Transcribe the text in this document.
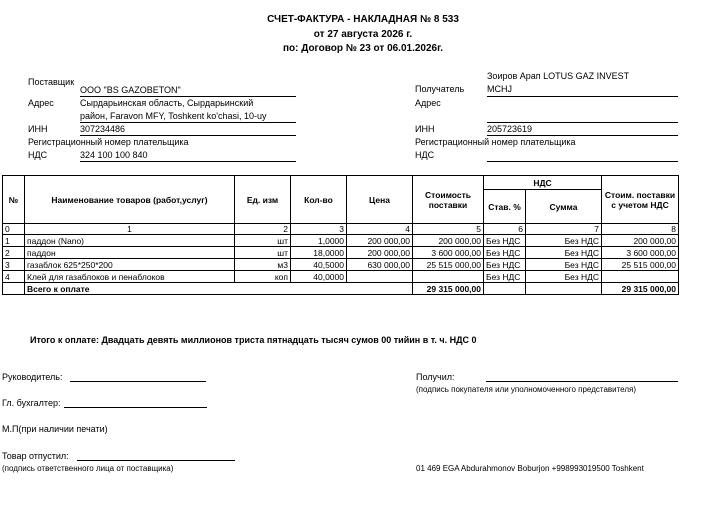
СЧЕТ-ФАКТУРА - НАКЛАДНАЯ № 8 533
от 27 августа 2026 г.
по: Договор № 23 от 06.01.2026г.
Поставщик
ООО "BS GAZOBETON"
Адрес	Сырдарьинская область, Сырдарьинский
район, Faravon MFY, Toshkent ko'chasi, 10-uy
ИНН	307234486
Регистрационный номер плательщика
НДС	324 100 100 840
Зоиров Арап LOTUS GAZ INVEST
Получатель	MCHJ
Адрес
ИНН	205723619
Регистрационный номер плательщика
НДС
№	Наименование товаров (работ,услуг)	Ед. изм	Кол-во	Цена	Стоимость поставки	НДС		Стоим. поставки с учетом НДС
						Став. %	Сумма	
0	1	2	3	4	5	6	7	8
1	паддон (Nano)	шт	1,0000	200 000,00	200 000,00	Без НДС	Без НДС	200 000,00
2	паддон	шт	18,0000	200 000,00	3 600 000,00	Без НДС	Без НДС	3 600 000,00
3	газаблок 625*250*200	м3	40,5000	630 000,00	25 515 000,00	Без НДС	Без НДС	25 515 000,00
4	Клей для газаблоков и пенаблоков	коп	40,0000			Без НДС	Без НДС	
	Всего к оплате				29 315 000,00			29 315 000,00
Итого к оплате: Двадцать девять миллионов триста пятнадцать тысяч сумов 00 тийин в т. ч. НДС 0
Руководитель:
Гл. бухгалтер:
М.П(при наличии печати)
Товар отпустил:
(подпись ответственного лица от поставщика)
Получил:
(подпись покупателя или уполномоченного представителя)
01 469 EGA Abdurahmonov Boburjon +998993019500 Toshkent
